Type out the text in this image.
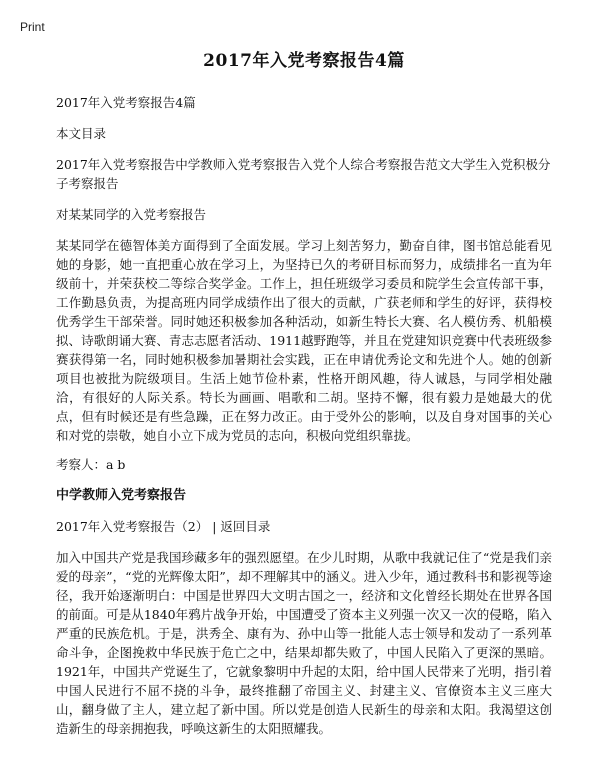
Print
2017年入党考察报告4篇
2017年入党考察报告4篇
本文目录
2017年入党考察报告中学教师入党考察报告入党个人综合考察报告范文大学生入党积极分子考察报告
对某某同学的入党考察报告

某某同学在德智体美方面得到了全面发展。学习上刻苦努力，勤奋自律，图书馆总能看见她的身影，她一直把重心放在学习上，为坚持已久的考研目标而努力，成绩排名一直为年级前十，并荣获校二等综合奖学金。工作上，担任班级学习委员和院学生会宣传部干事，工作勤恳负责，为提高班内同学成绩作出了很大的贡献，广获老师和学生的好评，获得校优秀学生干部荣誉。同时她还积极参加各种活动，如新生特长大赛、名人模仿秀、机船模拟、诗歌朗诵大赛、青志志愿者活动、1911越野跑等，并且在党建知识竞赛中代表班级参赛获得第一名，同时她积极参加暑期社会实践，正在申请优秀论文和先进个人。她的创新项目也被批为院级项目。生活上她节俭朴素，性格开朗风趣，待人诚恳，与同学相处融洽，有很好的人际关系。特长为画画、唱歌和二胡。坚持不懈，很有毅力是她最大的优点，但有时候还是有些急躁，正在努力改正。由于受外公的影响，以及自身对国事的关心和对党的崇敬，她自小立下成为党员的志向，积极向党组织靠拢。

考察人：a b
中学教师入党考察报告
2017年入党考察报告（2） | 返回目录

加入中国共产党是我国珍藏多年的强烈愿望。在少儿时期，从歌中我就记住了“党是我们亲爱的母亲”，“党的光辉像太阳”，却不理解其中的涵义。进入少年，通过教科书和影视等途径，我开始逐渐明白：中国是世界四大文明古国之一，经济和文化曾经长期处在世界各国的前面。可是从1840年鸦片战争开始，中国遭受了资本主义列强一次又一次的侵略，陷入严重的民族危机。于是，洪秀全、康有为、孙中山等一批能人志士领导和发动了一系列革命斗争，企图挽救中华民族于危亡之中，结果却都失败了，中国人民陷入了更深的黑暗。1921年，中国共产党诞生了，它就象黎明中升起的太阳，给中国人民带来了光明，指引着中国人民进行不屈不挠的斗争，最终推翻了帝国主义、封建主义、官僚资本主义三座大山，翻身做了主人，建立起了新中国。所以党是创造人民新生的母亲和太阳。我渴望这创造新生的母亲拥抱我，呼唤这新生的太阳照耀我。
